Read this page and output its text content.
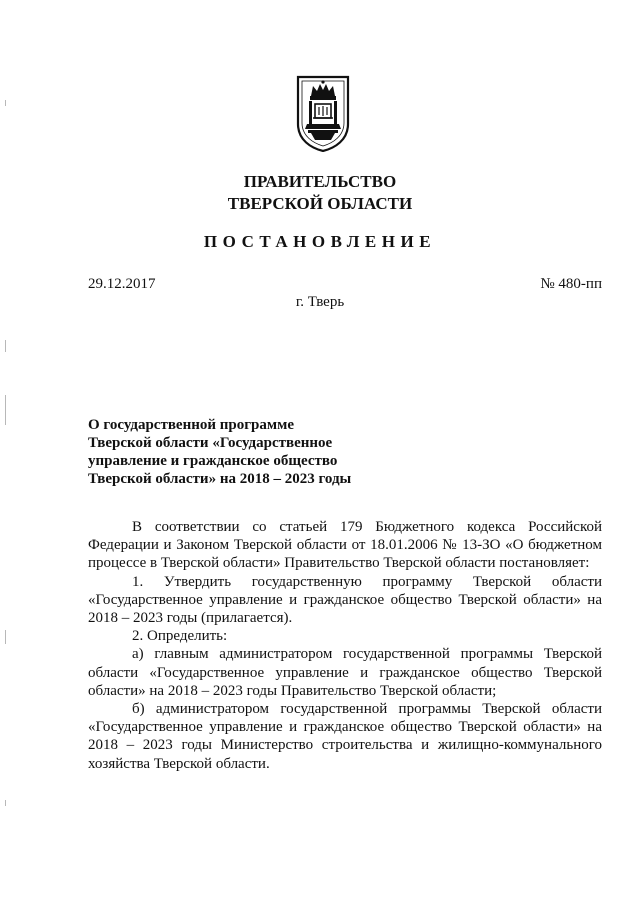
ПРАВИТЕЛЬСТВО
ТВЕРСКОЙ ОБЛАСТИ
ПОСТАНОВЛЕНИЕ
29.12.2017	№ 480-пп
г. Тверь
О государственной программе
Тверской области «Государственное
управление и гражданское общество
Тверской области» на 2018 – 2023 годы

В соответствии со статьей 179 Бюджетного кодекса Российской Федерации и Законом Тверской области от 18.01.2006 № 13-ЗО «О бюджетном процессе в Тверской области» Правительство Тверской области постановляет:

1. Утвердить государственную программу Тверской области «Государственное управление и гражданское общество Тверской области» на 2018 – 2023 годы (прилагается).

2. Определить:

а) главным администратором государственной программы Тверской области «Государственное управление и гражданское общество Тверской области» на 2018 – 2023 годы Правительство Тверской области;

б) администратором государственной программы Тверской области «Государственное управление и гражданское общество Тверской области» на 2018 – 2023 годы Министерство строительства и жилищно-коммунального хозяйства Тверской области.
